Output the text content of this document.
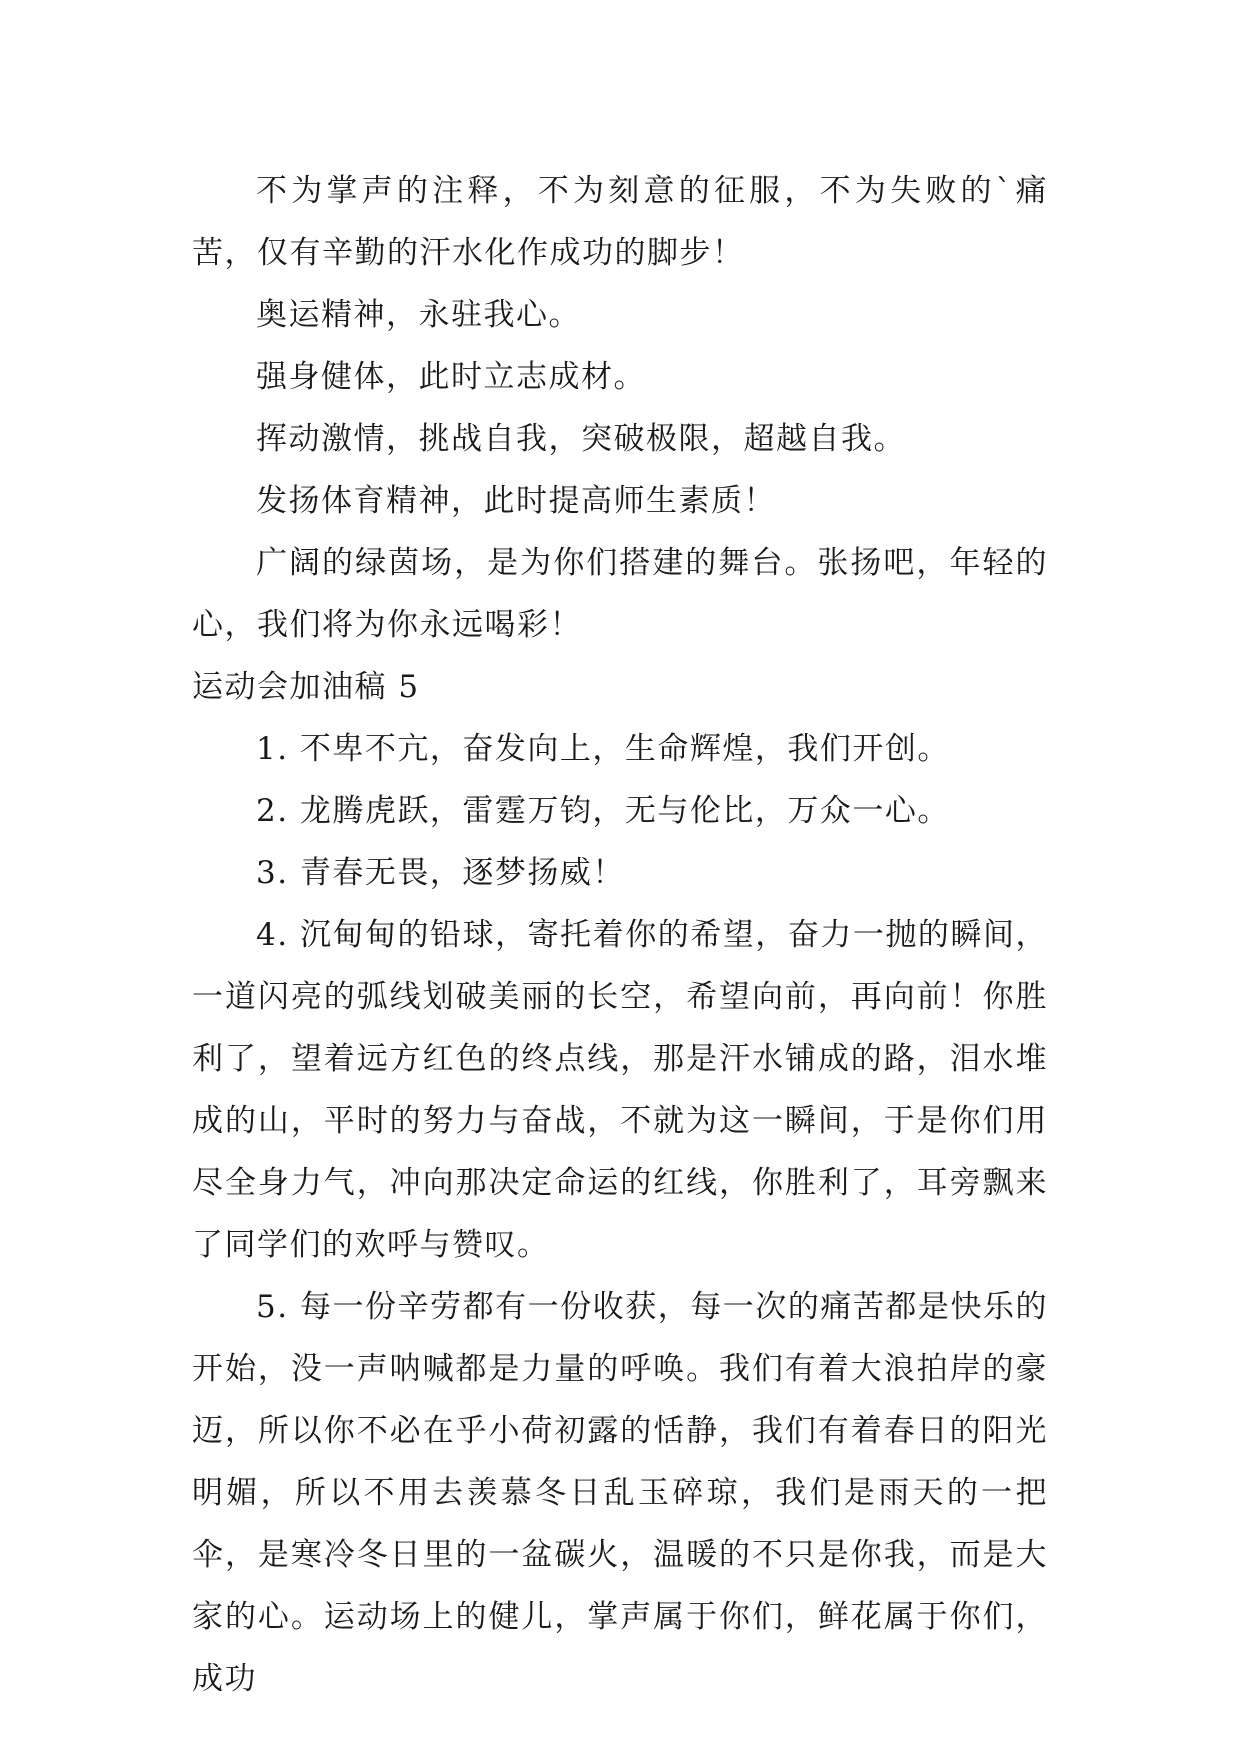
不为掌声的注释，不为刻意的征服，不为失败的`痛苦，仅有辛勤的汗水化作成功的脚步！

奥运精神，永驻我心。

强身健体，此时立志成材。

挥动激情，挑战自我，突破极限，超越自我。

发扬体育精神，此时提高师生素质！

广阔的绿茵场，是为你们搭建的舞台。张扬吧，年轻的心，我们将为你永远喝彩！

运动会加油稿 5

1. 不卑不亢，奋发向上，生命辉煌，我们开创。

2. 龙腾虎跃，雷霆万钧，无与伦比，万众一心。

3. 青春无畏，逐梦扬威！

4. 沉甸甸的铅球，寄托着你的希望，奋力一抛的瞬间，一道闪亮的弧线划破美丽的长空，希望向前，再向前！你胜利了，望着远方红色的终点线，那是汗水铺成的路，泪水堆成的山，平时的努力与奋战，不就为这一瞬间，于是你们用尽全身力气，冲向那决定命运的红线，你胜利了，耳旁飘来了同学们的欢呼与赞叹。

5. 每一份辛劳都有一份收获，每一次的痛苦都是快乐的开始，没一声呐喊都是力量的呼唤。我们有着大浪拍岸的豪迈，所以你不必在乎小荷初露的恬静，我们有着春日的阳光明媚，所以不用去羡慕冬日乱玉碎琼，我们是雨天的一把伞，是寒冷冬日里的一盆碳火，温暖的不只是你我，而是大家的心。运动场上的健儿，掌声属于你们，鲜花属于你们，成功
